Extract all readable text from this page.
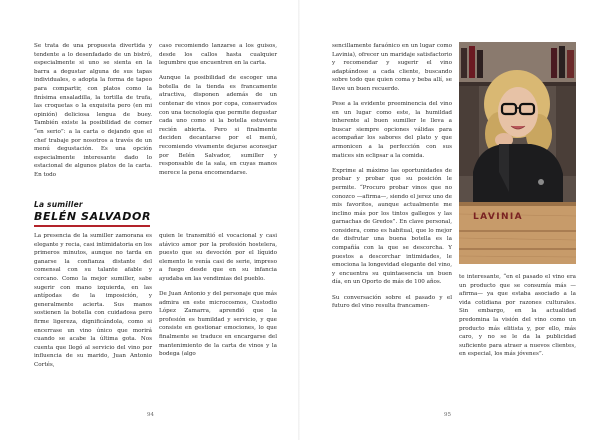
Se trata de una propuesta divertida y tendente a lo desenfadado de un bistró, especialmente si uno se sienta en la barra a degustar alguna de sus tapas individuales, o adopta la forma de tapeo para compartir, con platos como la finísima ensaladilla, la tortilla de trufa, las croquetas o la exquisita pero (en mi opinión) deliciosa lengua de buey. También existe la posibilidad de comer “en serio”: a la carta o dejando que el chef trabaje por nosotros a través de un menú degustación. Es una opción especialmente interesante dado lo estacional de algunos platos de la carta. En todo

caso recomiendo lanzarse a los guisos, desde los callos hasta cualquier legumbre que encuentren en la carta.

Aunque la posibilidad de escoger una botella de la tienda es francamente atractiva, disponen además de un centenar de vinos por copa, conservados con una tecnología que permite degustar cada uno como si la botella estuviera recién abierta. Pero si finalmente deciden decantarse por el menú, recomiendo vivamente dejarse aconsejar por Belén Salvador, sumiller y responsable de la sala, en cuyas manos merece la pena encomendarse.

La sumiller
BELÉN SALVADOR

La presencia de la sumiller zamorana es elegante y recia, casi intimidatoria en los primeros minutos, aunque no tarda en ganarse la confianza distante del comensal con su talante afable y cercano. Como la mejor sumiller, sabe sugerir con mano izquierda, en las antípodas de la imposición, y generalmente acierta. Sus manos sostienen la botella con cuidadosa pero firme ligereza, dignificándola, como si encerrase un vino único que morirá cuando se acabe la última gota. Nos cuenta que llegó al servicio del vino por influencia de su marido, Juan Antonio Cortés,

quien le transmitió el vocacional y casi atávico amor por la profesión hostelera, puesto que su devoción por el líquido elemento le venía casi de serie, impreso a fuego desde que en su infancia ayudaba en las vendimias del pueblo.

De Juan Antonio y del personaje que más admira en este microcosmos, Custodio López Zamarra, aprendió que la profesión es humildad y servicio, y que consiste en gestionar emociones, lo que finalmente se traduce en encargarse del mantenimiento de la carta de vinos y la bodega (algo

94

sencillamente faraónico en un lugar como Lavinia), ofrecer un maridaje satisfactorio y recomendar y sugerir el vino adaptándose a cada cliente, buscando sobre todo que quien coma y beba allí, se lleve un buen recuerdo.

Pese a la evidente preeminencia del vino en un lugar como este, la humildad inherente al buen sumiller le lleva a buscar siempre opciones válidas para acompañar los sabores del plato y que armonicen a la perfección con sus matices sin eclipsar a la comida.

Exprime al máximo las oportunidades de probar y probar que su posición le permite. “Procuro probar vinos que no conozco —afirma—, siendo el jerez uno de mis favoritos, aunque actualmente me inclino más por los tintos gallegos y las garnachas de Gredos”. En clave personal, considera, como es habitual, que lo mejor de disfrutar una buena botella es la compañía con la que se descorcha. Y puestos a descorchar intimidades, le emociona la longevidad elegante del vino, y encuentra su quintaesencia un buen día, en un Oporto de más de 100 años.

Su conversación sobre el pasado y el futuro del vino resulta francamen-

LAVINIA

te interesante, “en el pasado el vino era un producto que se consumía más —afirma— ya que estaba asociado a la vida cotidiana por razones culturales. Sin embargo, en la actualidad predomina la visión del vino como un producto más elitista y, por ello, más caro, y no se le da la publicidad suficiente para atraer a nuevos clientes, en especial, los más jóvenes”.

95
